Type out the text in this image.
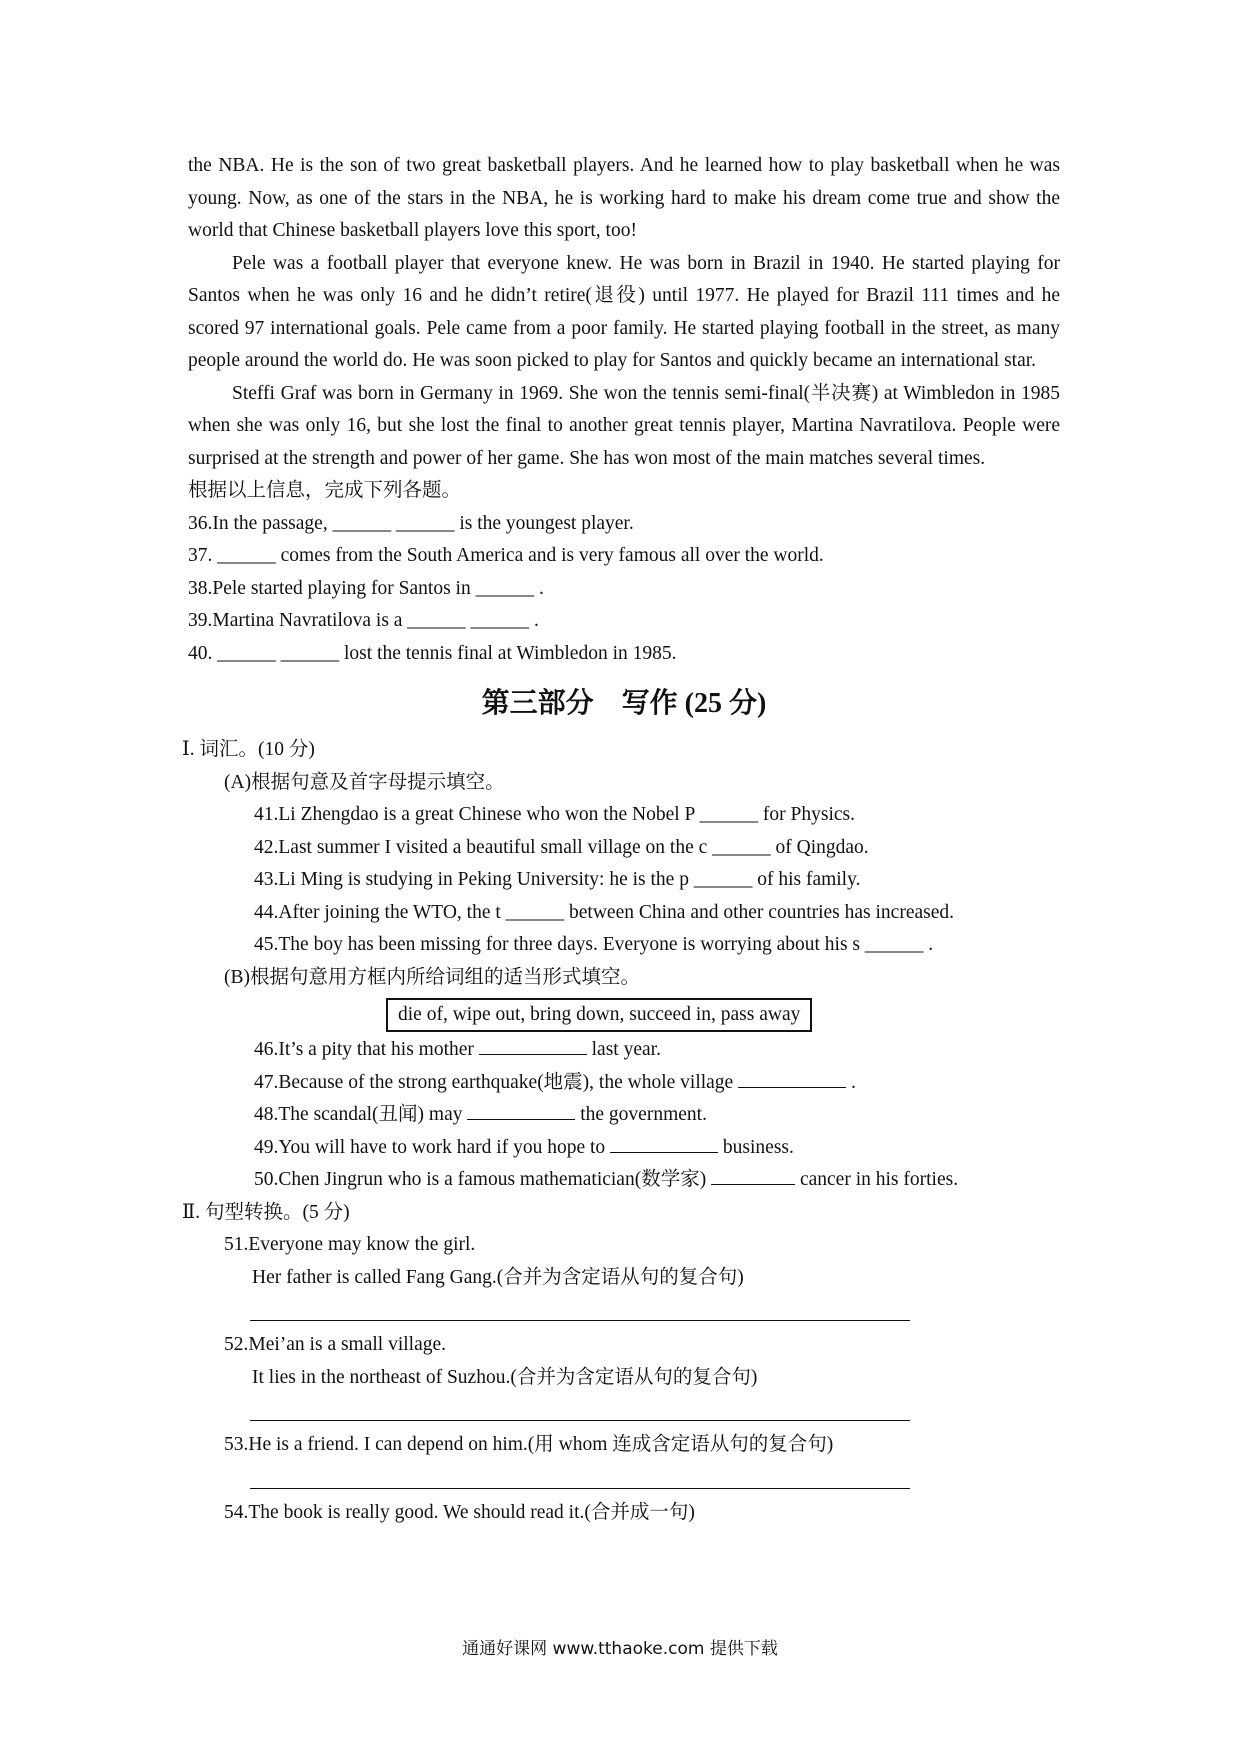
the NBA. He is the son of two great basketball players. And he learned how to play basketball when he was young. Now, as one of the stars in the NBA, he is working hard to make his dream come true and show the world that Chinese basketball players love this sport, too!

Pele was a football player that everyone knew. He was born in Brazil in 1940. He started playing for Santos when he was only 16 and he didn’t retire(退役) until 1977. He played for Brazil 111 times and he scored 97 international goals. Pele came from a poor family. He started playing football in the street, as many people around the world do. He was soon picked to play for Santos and quickly became an international star.

Steffi Graf was born in Germany in 1969. She won the tennis semi-final(半决赛) at Wimbledon in 1985 when she was only 16, but she lost the final to another great tennis player, Martina Navratilova. People were surprised at the strength and power of her game. She has won most of the main matches several times.

根据以上信息，完成下列各题。
36.In the passage, ______ ______ is the youngest player.
37. ______ comes from the South America and is very famous all over the world.
38.Pele started playing for Santos in ______ .
39.Martina Navratilova is a ______ ______ .
40. ______ ______ lost the tennis final at Wimbledon in 1985.
第三部分　写作 (25 分)
Ⅰ. 词汇。(10 分)
(A)根据句意及首字母提示填空。
41.Li Zhengdao is a great Chinese who won the Nobel P ______ for Physics.
42.Last summer I visited a beautiful small village on the c ______ of Qingdao.
43.Li Ming is studying in Peking University: he is the p ______ of his family.
44.After joining the WTO, the t ______ between China and other countries has increased.
45.The boy has been missing for three days. Everyone is worrying about his s ______ .
(B)根据句意用方框内所给词组的适当形式填空。
die of, wipe out, bring down, succeed in, pass away
46.It’s a pity that his mother	last year.
47.Because of the strong earthquake(地震), the whole village	.
48.The scandal(丑闻) may	the government.
49.You will have to work hard if you hope to	business.
50.Chen Jingrun who is a famous mathematician(数学家)	cancer in his forties.
Ⅱ. 句型转换。(5 分)
51.Everyone may know the girl.
Her father is called Fang Gang.(合并为含定语从句的复合句)
52.Mei’an is a small village.
It lies in the northeast of Suzhou.(合并为含定语从句的复合句)
53.He is a friend. I can depend on him.(用 whom 连成含定语从句的复合句)
54.The book is really good. We should read it.(合并成一句)
通通好课网 www.tthaoke.com 提供下载
